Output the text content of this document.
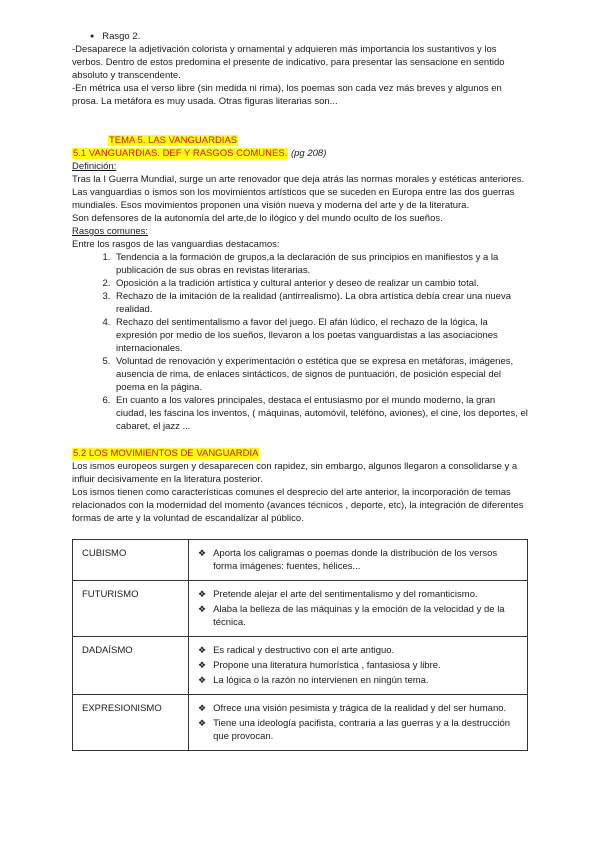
● Rasgo 2.

-Desaparece la adjetivación colorista y ornamental y adquieren más importancia los sustantivos y los verbos. Dentro de estos predomina el presente de indicativo, para presentar las sensacione en sentido absoluto y transcendente.

-En métrica usa el verso libre (sin medida ni rima), los poemas son cada vez más breves y algunos en prosa. La metáfora es muy usada. Otras figuras literarias son...

TEMA 5. LAS VANGUARDIAS
5.1 VANGUARDIAS. DEF Y RASGOS COMUNES. (pg 208)
Definición:

Tras la I Guerra Mundial, surge un arte renovador que deja atrás las normas morales y estéticas anteriores.

Las vanguardias o ismos son los movimientos artísticos que se suceden en Europa entre las dos guerras mundiales. Esos movimientos proponen una visión nueva y moderna del arte y de la literatura.

Son defensores de la autonomía del arte,de lo ilógico y del mundo oculto de los sueños.

Rasgos comunes:

Entre los rasgos de las vanguardias destacamos:

1. Tendencia a la formación de grupos,a la declaración de sus principios en manifiestos y a la publicación de sus obras en revistas literarias.
2. Oposición a la tradición artística y cultural anterior y deseo de realizar un cambio total.
3. Rechazo de la imitación de la realidad (antirrealismo). La obra artística debía crear una nueva realidad.
4. Rechazo del sentimentalismo a favor del juego. El afán lúdico, el rechazo de la lógica, la expresión por medio de los sueños, llevaron a los poetas vanguardistas a las asociaciones internacionales.
5. Voluntad de renovación y experimentación o estética que se expresa en metáforas, imágenes, ausencia de rima, de enlaces sintácticos, de signos de puntuación, de posición especial del poema en la página.
6. En cuanto a los valores principales, destaca el entusiasmo por el mundo moderno, la gran ciudad, les fascina los inventos, ( máquinas, automóvil, teléfóno, aviones), el cine, los deportes, el cabaret, el jazz ...
5.2 LOS MOVIMIENTOS DE VANGUARDIA

Los ismos europeos surgen y desaparecen con rapidez, sin embargo, algunos llegaron a consolidarse y a influir decisivamente en la literatura posterior.

Los ismos tienen como características comunes el desprecio del arte anterior, la incorporación de temas relacionados con la modernidad del momento (avances técnicos , deporte, etc), la integración de diferentes formas de arte y la voluntad de escandalizar al público.

CUBISMO	❖ Aporta los caligramas o poemas donde la distribución de los versos forma imágenes: fuentes, hélices...

FUTURISMO	❖ Pretende alejar el arte del sentimentalismo y del romanticismo.
❖ Alaba la belleza de las máquinas y la emoción de la velocidad y de la técnica.

DADAÍSMO	❖ Es radical y destructivo con el arte antiguo.
❖ Propone una literatura humorística , fantasiosa y libre.
❖ La lógica o la razón no intervienen en ningún tema.

EXPRESIONISMO	❖ Ofrece una visión pesimista y trágica de la realidad y del ser humano.
❖ Tiene una ideología pacifista, contraria a las guerras y a la destrucción que provocan.
